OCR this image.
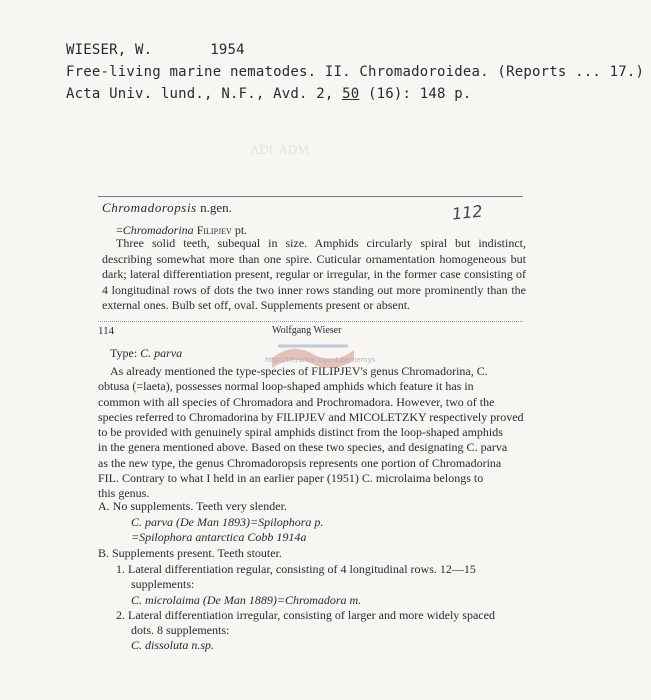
WIESER, W.	1954
Free-living marine nematodes. II. Chromadoroidea. (Reports ... 17.)
Acta Univ. lund., N.F., Avd. 2, 50 (16): 148 p.
ᴬᴰᴵ ᴬᴰᴹ
Chromadoropsis n.gen.	112
=Chromadorina Filipjev pt.
Three solid teeth, subequal in size. Amphids circularly spiral but indistinct, describing somewhat more than one spire. Cuticular ornamentation homogeneous but dark; lateral differentiation present, regular or irregular, in the former case consisting of 4 longitudinal rows of dots the two inner rows standing out more prominently than the external ones. Bulb set off, oval. Supplements present or absent.
114	Wolfgang Wieser
http://intramar.ugent.be/nemys
Type: C. parva
As already mentioned the type-species of FILIPJEV's genus Chromadorina, C.
obtusa (=laeta), possesses normal loop-shaped amphids which feature it has in
common with all species of Chromadora and Prochromadora. However, two of the
species referred to Chromadorina by FILIPJEV and MICOLETZKY respectively proved
to be provided with genuinely spiral amphids distinct from the loop-shaped amphids
in the genera mentioned above. Based on these two species, and designating C. parva
as the new type, the genus Chromadoropsis represents one portion of Chromadorina
FIL. Contrary to what I held in an earlier paper (1951) C. microlaima belongs to
this genus.
A. No supplements. Teeth very slender.
C. parva (De Man 1893)=Spilophora p.
=Spilophora antarctica Cobb 1914a
B. Supplements present. Teeth stouter.
1. Lateral differentiation regular, consisting of 4 longitudinal rows. 12—15
supplements:
C. microlaima (De Man 1889)=Chromadora m.
2. Lateral differentiation irregular, consisting of larger and more widely spaced
dots. 8 supplements:
C. dissoluta n.sp.
